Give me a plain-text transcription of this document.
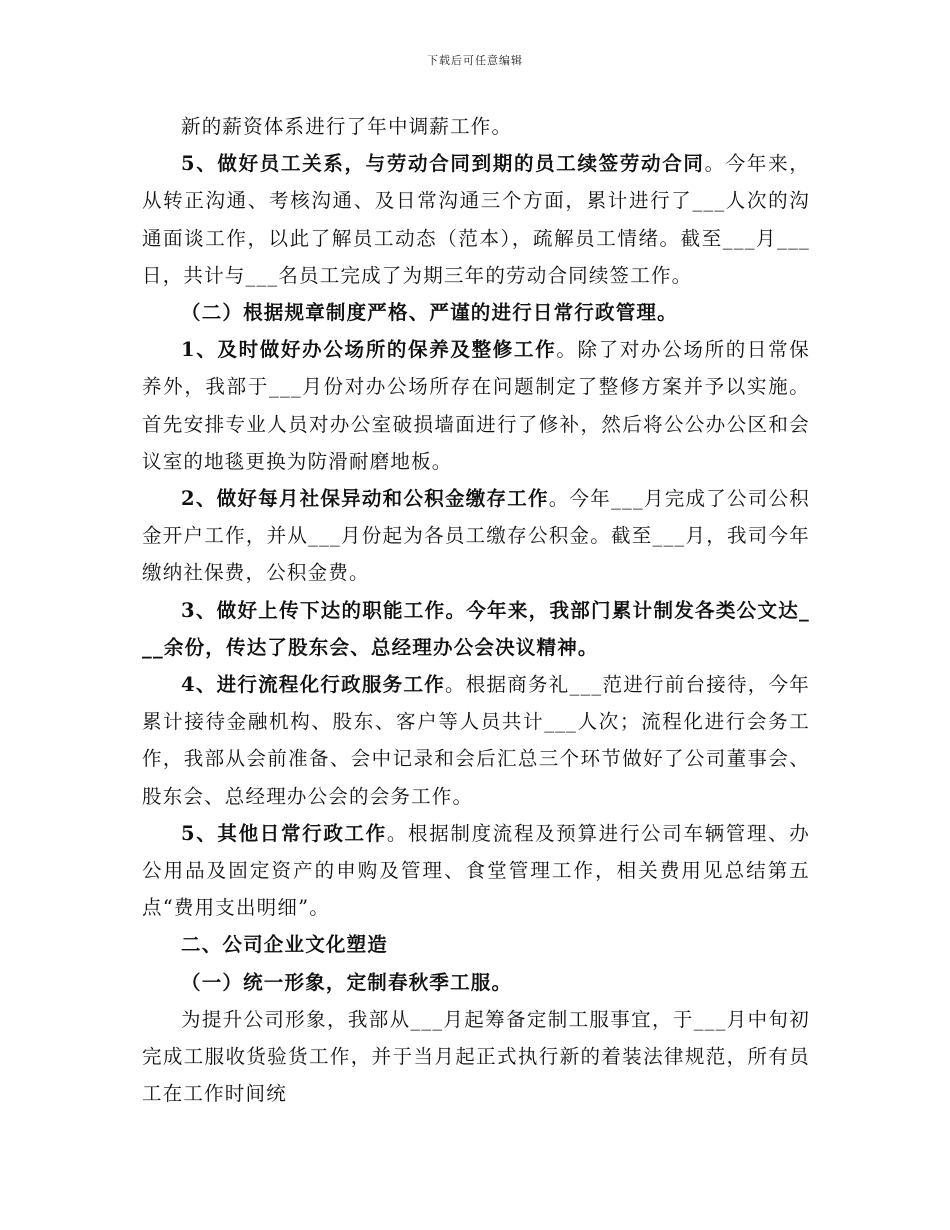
下载后可任意编辑

新的薪资体系进行了年中调薪工作。

5、做好员工关系，与劳动合同到期的员工续签劳动合同。今年来，从转正沟通、考核沟通、及日常沟通三个方面，累计进行了___人次的沟通面谈工作，以此了解员工动态（范本），疏解员工情绪。截至___月___日，共计与___名员工完成了为期三年的劳动合同续签工作。

（二）根据规章制度严格、严谨的进行日常行政管理。

1、及时做好办公场所的保养及整修工作。除了对办公场所的日常保养外，我部于___月份对办公场所存在问题制定了整修方案并予以实施。首先安排专业人员对办公室破损墙面进行了修补，然后将公公办公区和会议室的地毯更换为防滑耐磨地板。

2、做好每月社保异动和公积金缴存工作。今年___月完成了公司公积金开户工作，并从___月份起为各员工缴存公积金。截至___月，我司今年缴纳社保费，公积金费。

3、做好上传下达的职能工作。今年来，我部门累计制发各类公文达___余份，传达了股东会、总经理办公会决议精神。

4、进行流程化行政服务工作。根据商务礼___范进行前台接待，今年累计接待金融机构、股东、客户等人员共计___人次；流程化进行会务工作，我部从会前准备、会中记录和会后汇总三个环节做好了公司董事会、股东会、总经理办公会的会务工作。

5、其他日常行政工作。根据制度流程及预算进行公司车辆管理、办公用品及固定资产的申购及管理、食堂管理工作，相关费用见总结第五点“费用支出明细”。

二、公司企业文化塑造

（一）统一形象，定制春秋季工服。

为提升公司形象，我部从___月起筹备定制工服事宜，于___月中旬初完成工服收货验货工作，并于当月起正式执行新的着装法律规范，所有员工在工作时间统
